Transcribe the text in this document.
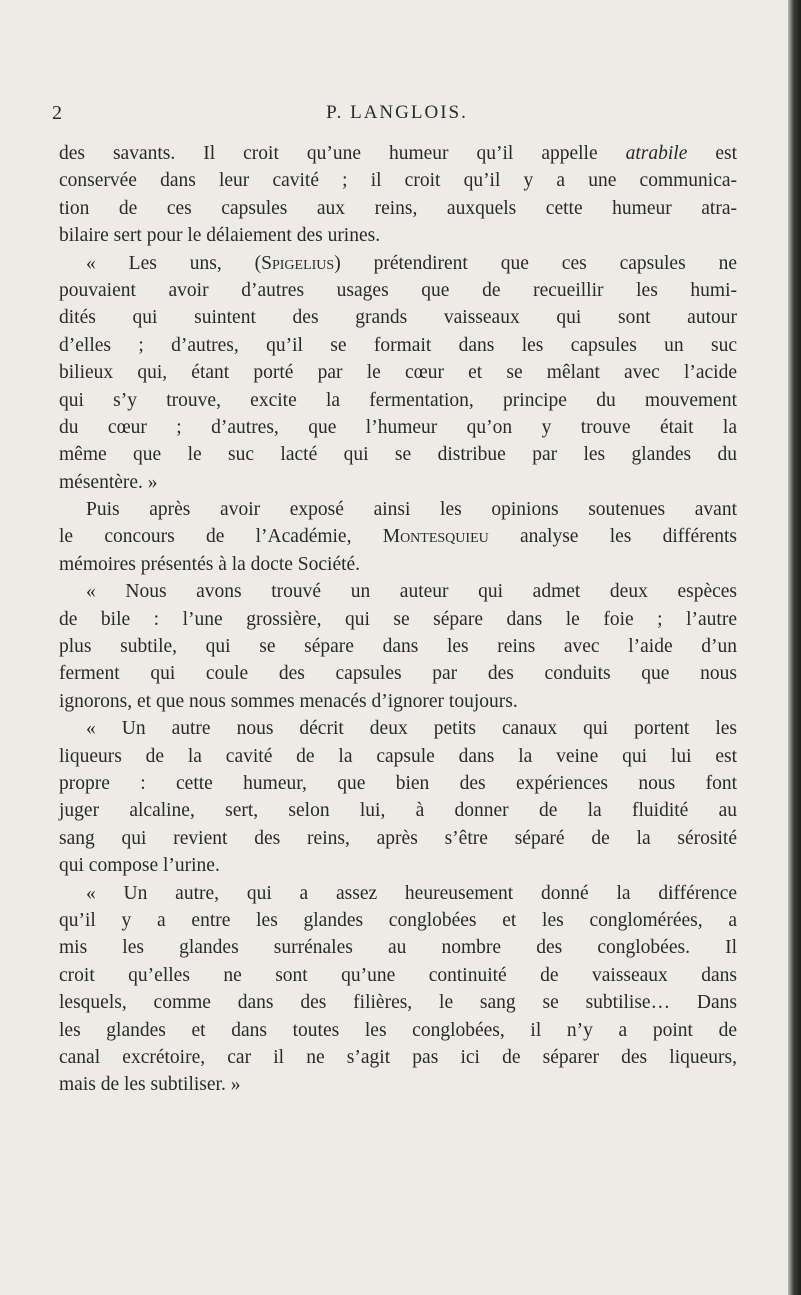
2	P. LANGLOIS.
des savants. Il croit qu’une humeur qu’il appelle atrabile est
conservée dans leur cavité ; il croit qu’il y a une communica-
tion de ces capsules aux reins, auxquels cette humeur atra-
bilaire sert pour le délaiement des urines.
« Les uns, (Spigelius) prétendirent que ces capsules ne
pouvaient avoir d’autres usages que de recueillir les humi-
dités qui suintent des grands vaisseaux qui sont autour
d’elles ; d’autres, qu’il se formait dans les capsules un suc
bilieux qui, étant porté par le cœur et se mêlant avec l’acide
qui s’y trouve, excite la fermentation, principe du mouvement
du cœur ; d’autres, que l’humeur qu’on y trouve était la
même que le suc lacté qui se distribue par les glandes du
mésentère. »
Puis après avoir exposé ainsi les opinions soutenues avant
le concours de l’Académie, Montesquieu analyse les différents
mémoires présentés à la docte Société.
« Nous avons trouvé un auteur qui admet deux espèces
de bile : l’une grossière, qui se sépare dans le foie ; l’autre
plus subtile, qui se sépare dans les reins avec l’aide d’un
ferment qui coule des capsules par des conduits que nous
ignorons, et que nous sommes menacés d’ignorer toujours.
« Un autre nous décrit deux petits canaux qui portent les
liqueurs de la cavité de la capsule dans la veine qui lui est
propre : cette humeur, que bien des expériences nous font
juger alcaline, sert, selon lui, à donner de la fluidité au
sang qui revient des reins, après s’être séparé de la sérosité
qui compose l’urine.
« Un autre, qui a assez heureusement donné la différence
qu’il y a entre les glandes conglobées et les conglomérées, a
mis les glandes surrénales au nombre des conglobées. Il
croit qu’elles ne sont qu’une continuité de vaisseaux dans
lesquels, comme dans des filières, le sang se subtilise… Dans
les glandes et dans toutes les conglobées, il n’y a point de
canal excrétoire, car il ne s’agit pas ici de séparer des liqueurs,
mais de les subtiliser. »
